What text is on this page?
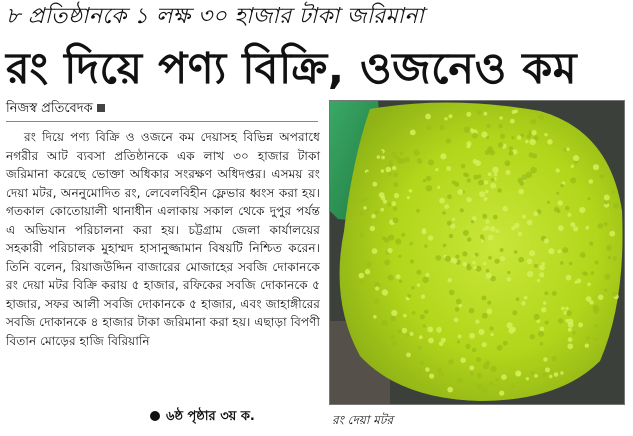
৮ প্রতিষ্ঠানকে ১ লক্ষ ৩০ হাজার টাকা জরিমানা
রং দিয়ে পণ্য বিক্রি, ওজনেও কম
নিজস্ব প্রতিবেদক

রং দিয়ে পণ্য বিক্রি ও ওজনে কম দেয়াসহ বিভিন্ন অপরাধে নগরীর আট ব্যবসা প্রতিষ্ঠানকে এক লাখ ৩০ হাজার টাকা জরিমানা করেছে ভোক্তা অধিকার সংরক্ষণ অধিদপ্তর। এসময় রং দেয়া মটর, অননুমোদিত রং, লেবেলবিহীন ফ্লেভার ধ্বংস করা হয়। গতকাল কোতোয়ালী থানাধীন এলাকায় সকাল থেকে দুপুর পর্যন্ত এ অভিযান পরিচালনা করা হয়। চট্টগ্রাম জেলা কার্যালয়ের সহকারী পরিচালক মুহাম্মদ হাসানুজ্জামান বিষয়টি নিশ্চিত করেন। তিনি বলেন, রিয়াজউদ্দিন বাজারের মোজাহের সবজি দোকানকে রং দেয়া মটর বিক্রি করায় ৫ হাজার, রফিকের সবজি দোকানকে ৫ হাজার, সফর আলী সবজি দোকানকে ৫ হাজার, এবং জাহাঙ্গীরের সবজি দোকানকে ৪ হাজার টাকা জরিমানা করা হয়। এছাড়া বিপণী বিতান মোড়ের হাজি বিরিয়ানি

৬ষ্ঠ পৃষ্ঠার ৩য় ক.	রং দেয়া মটর
